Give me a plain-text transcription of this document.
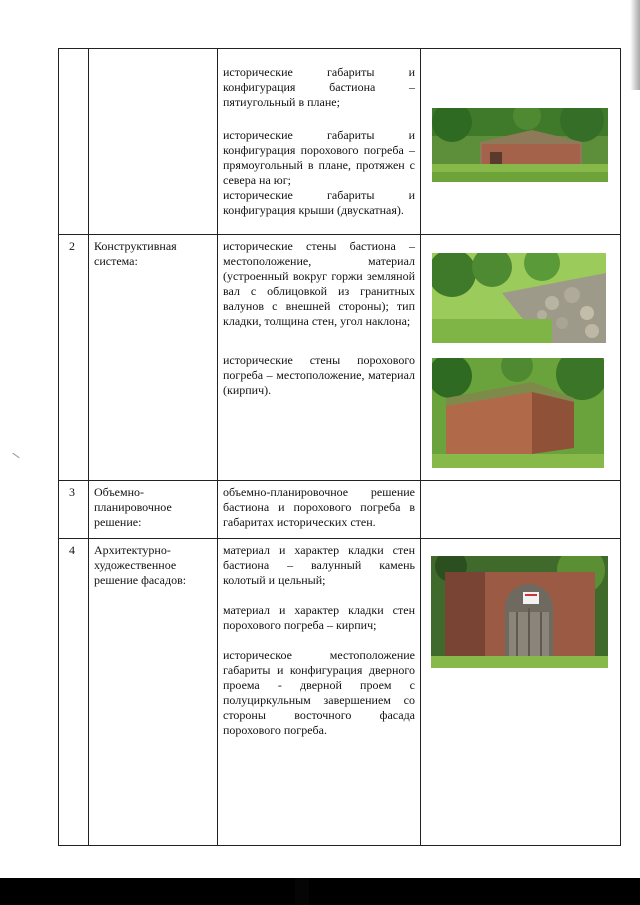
исторические габариты и конфигурация бастиона – пятиугольный в плане;

исторические габариты и конфигурация порохового погреба – прямоугольный в плане, протяжен с севера на юг;

исторические габариты и конфигурация крыши (двускатная).

2 Конструктивная система:

исторические стены бастиона – местоположение, материал (устроенный вокруг горжи земляной вал с облицовкой из гранитных валунов с внешней стороны); тип кладки, толщина стен, угол наклона;

исторические стены порохового погреба – местоположение, материал (кирпич).

3 Объемно-планировочное решение:

объемно-планировочное решение бастиона и порохового погреба в габаритах исторических стен.

4 Архитектурно-художественное решение фасадов:

материал и характер кладки стен бастиона – валунный камень колотый и цельный;

материал и характер кладки стен порохового погреба – кирпич;

историческое местоположение габариты и конфигурация дверного проема - дверной проем с полуциркульным завершением со стороны восточного фасада порохового погреба.
